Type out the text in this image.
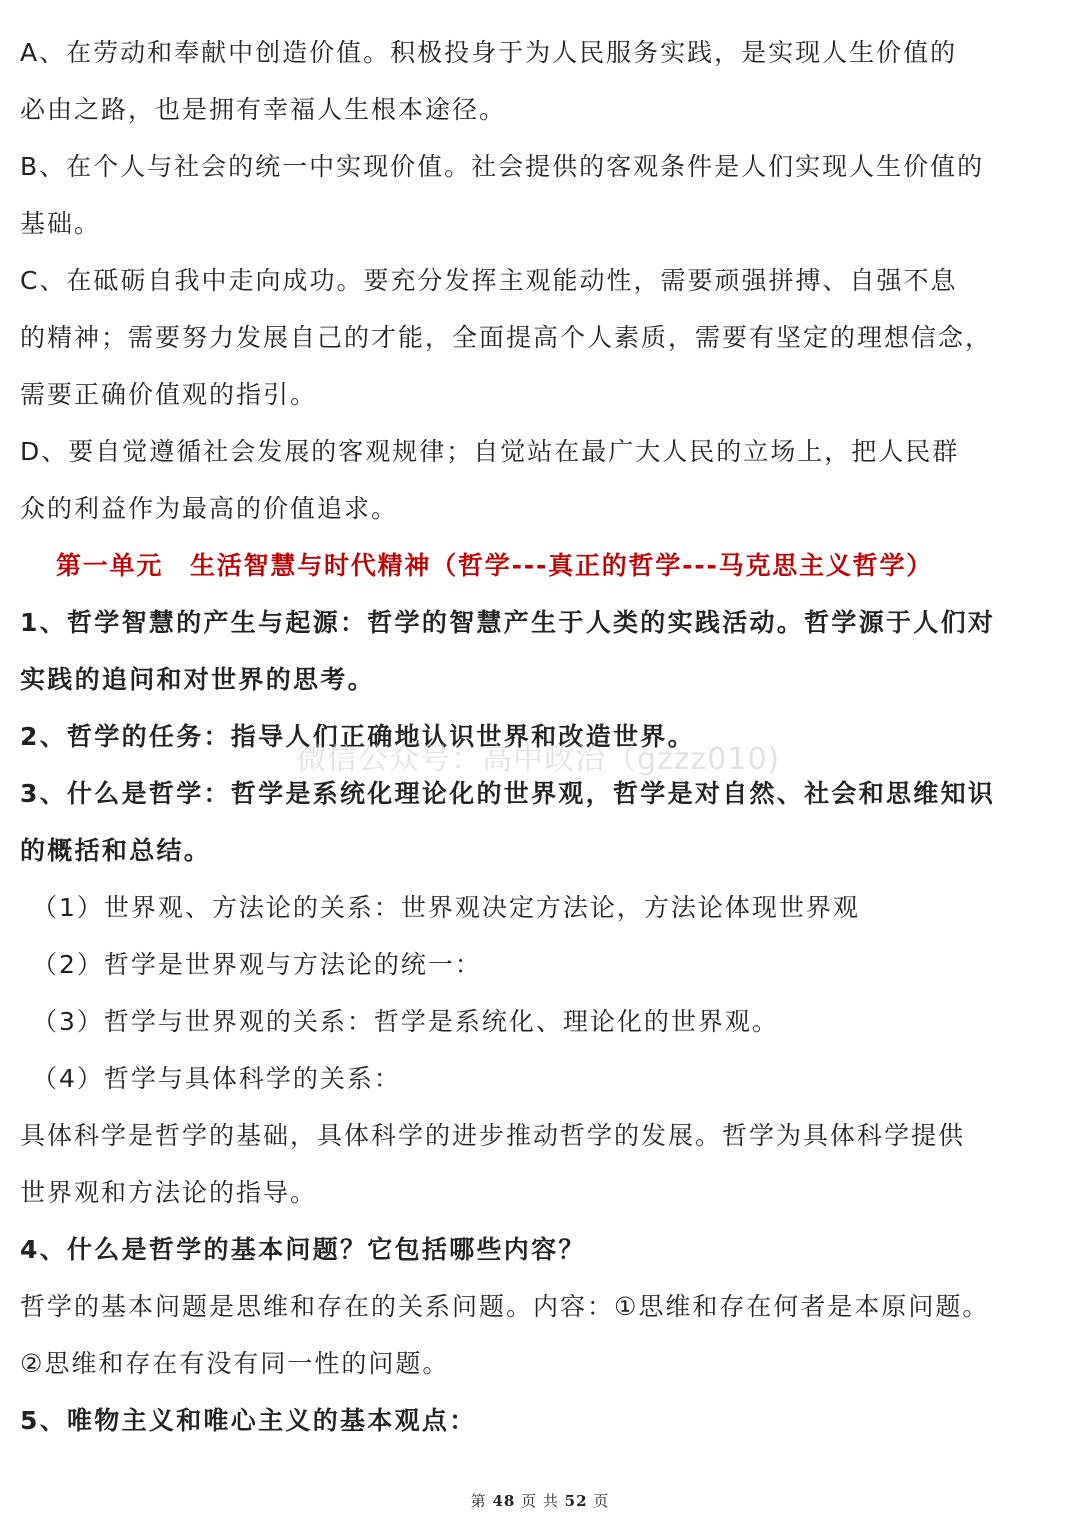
A、在劳动和奉献中创造价值。积极投身于为人民服务实践，是实现人生价值的
必由之路，也是拥有幸福人生根本途径。
B、在个人与社会的统一中实现价值。社会提供的客观条件是人们实现人生价值的
基础。
C、在砥砺自我中走向成功。要充分发挥主观能动性，需要顽强拼搏、自强不息
的精神；需要努力发展自己的才能，全面提高个人素质，需要有坚定的理想信念，
需要正确价值观的指引。
D、要自觉遵循社会发展的客观规律；自觉站在最广大人民的立场上，把人民群
众的利益作为最高的价值追求。
第一单元　生活智慧与时代精神（哲学---真正的哲学---马克思主义哲学）
1、哲学智慧的产生与起源：哲学的智慧产生于人类的实践活动。哲学源于人们对
实践的追问和对世界的思考。
2、哲学的任务：指导人们正确地认识世界和改造世界。
3、什么是哲学：哲学是系统化理论化的世界观，哲学是对自然、社会和思维知识
的概括和总结。
（1）世界观、方法论的关系：世界观决定方法论，方法论体现世界观
（2）哲学是世界观与方法论的统一：
（3）哲学与世界观的关系：哲学是系统化、理论化的世界观。
（4）哲学与具体科学的关系：
具体科学是哲学的基础，具体科学的进步推动哲学的发展。哲学为具体科学提供
世界观和方法论的指导。
4、什么是哲学的基本问题？它包括哪些内容？
哲学的基本问题是思维和存在的关系问题。内容：①思维和存在何者是本原问题。
②思维和存在有没有同一性的问题。
5、唯物主义和唯心主义的基本观点：
微信公众号：高中政治（gzzz010)
第 48 页 共 52 页
